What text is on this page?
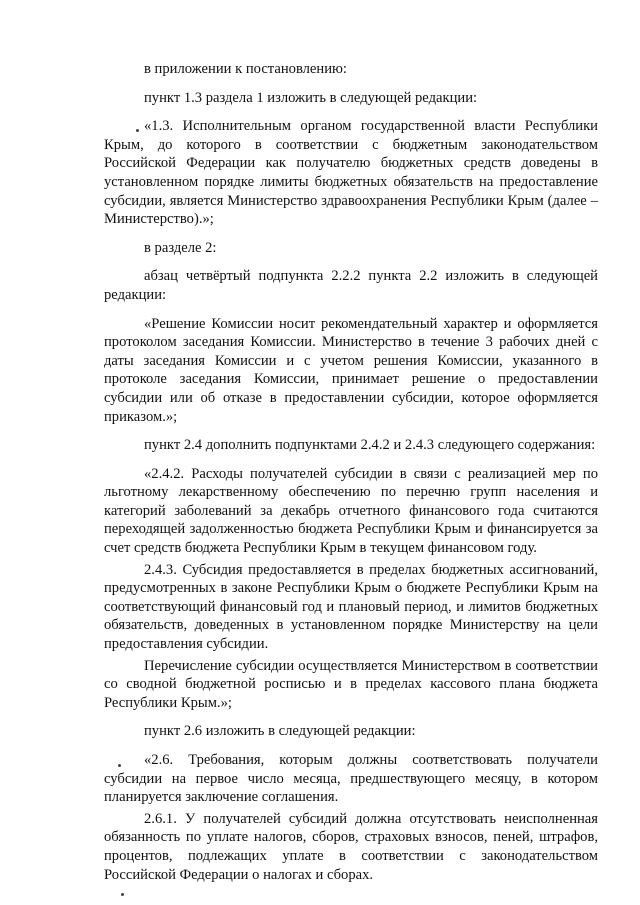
в приложении к постановлению:

пункт 1.3 раздела 1 изложить в следующей редакции:

«1.3. Исполнительным органом государственной власти Республики Крым, до которого в соответствии с бюджетным законодательством Российской Федерации как получателю бюджетных средств доведены в установленном порядке лимиты бюджетных обязательств на предоставление субсидии, является Министерство здравоохранения Республики Крым (далее – Министерство).»;

в разделе 2:

абзац четвёртый подпункта 2.2.2 пункта 2.2 изложить в следующей редакции:

«Решение Комиссии носит рекомендательный характер и оформляется протоколом заседания Комиссии. Министерство в течение 3 рабочих дней с даты заседания Комиссии и с учетом решения Комиссии, указанного в протоколе заседания Комиссии, принимает решение о предоставлении субсидии или об отказе в предоставлении субсидии, которое оформляется приказом.»;

пункт 2.4 дополнить подпунктами 2.4.2 и 2.4.3 следующего содержания:

«2.4.2. Расходы получателей субсидии в связи с реализацией мер по льготному лекарственному обеспечению по перечню групп населения и категорий заболеваний за декабрь отчетного финансового года считаются переходящей задолженностью бюджета Республики Крым и финансируется за счет средств бюджета Республики Крым в текущем финансовом году.

2.4.3. Субсидия предоставляется в пределах бюджетных ассигнований, предусмотренных в законе Республики Крым о бюджете Республики Крым на соответствующий финансовый год и плановый период, и лимитов бюджетных обязательств, доведенных в установленном порядке Министерству на цели предоставления субсидии.

Перечисление субсидии осуществляется Министерством в соответствии со сводной бюджетной росписью и в пределах кассового плана бюджета Республики Крым.»;

пункт 2.6 изложить в следующей редакции:

«2.6. Требования, которым должны соответствовать получатели субсидии на первое число месяца, предшествующего месяцу, в котором планируется заключение соглашения.

2.6.1. У получателей субсидий должна отсутствовать неисполненная обязанность по уплате налогов, сборов, страховых взносов, пеней, штрафов, процентов, подлежащих уплате в соответствии с законодательством Российской Федерации о налогах и сборах.
